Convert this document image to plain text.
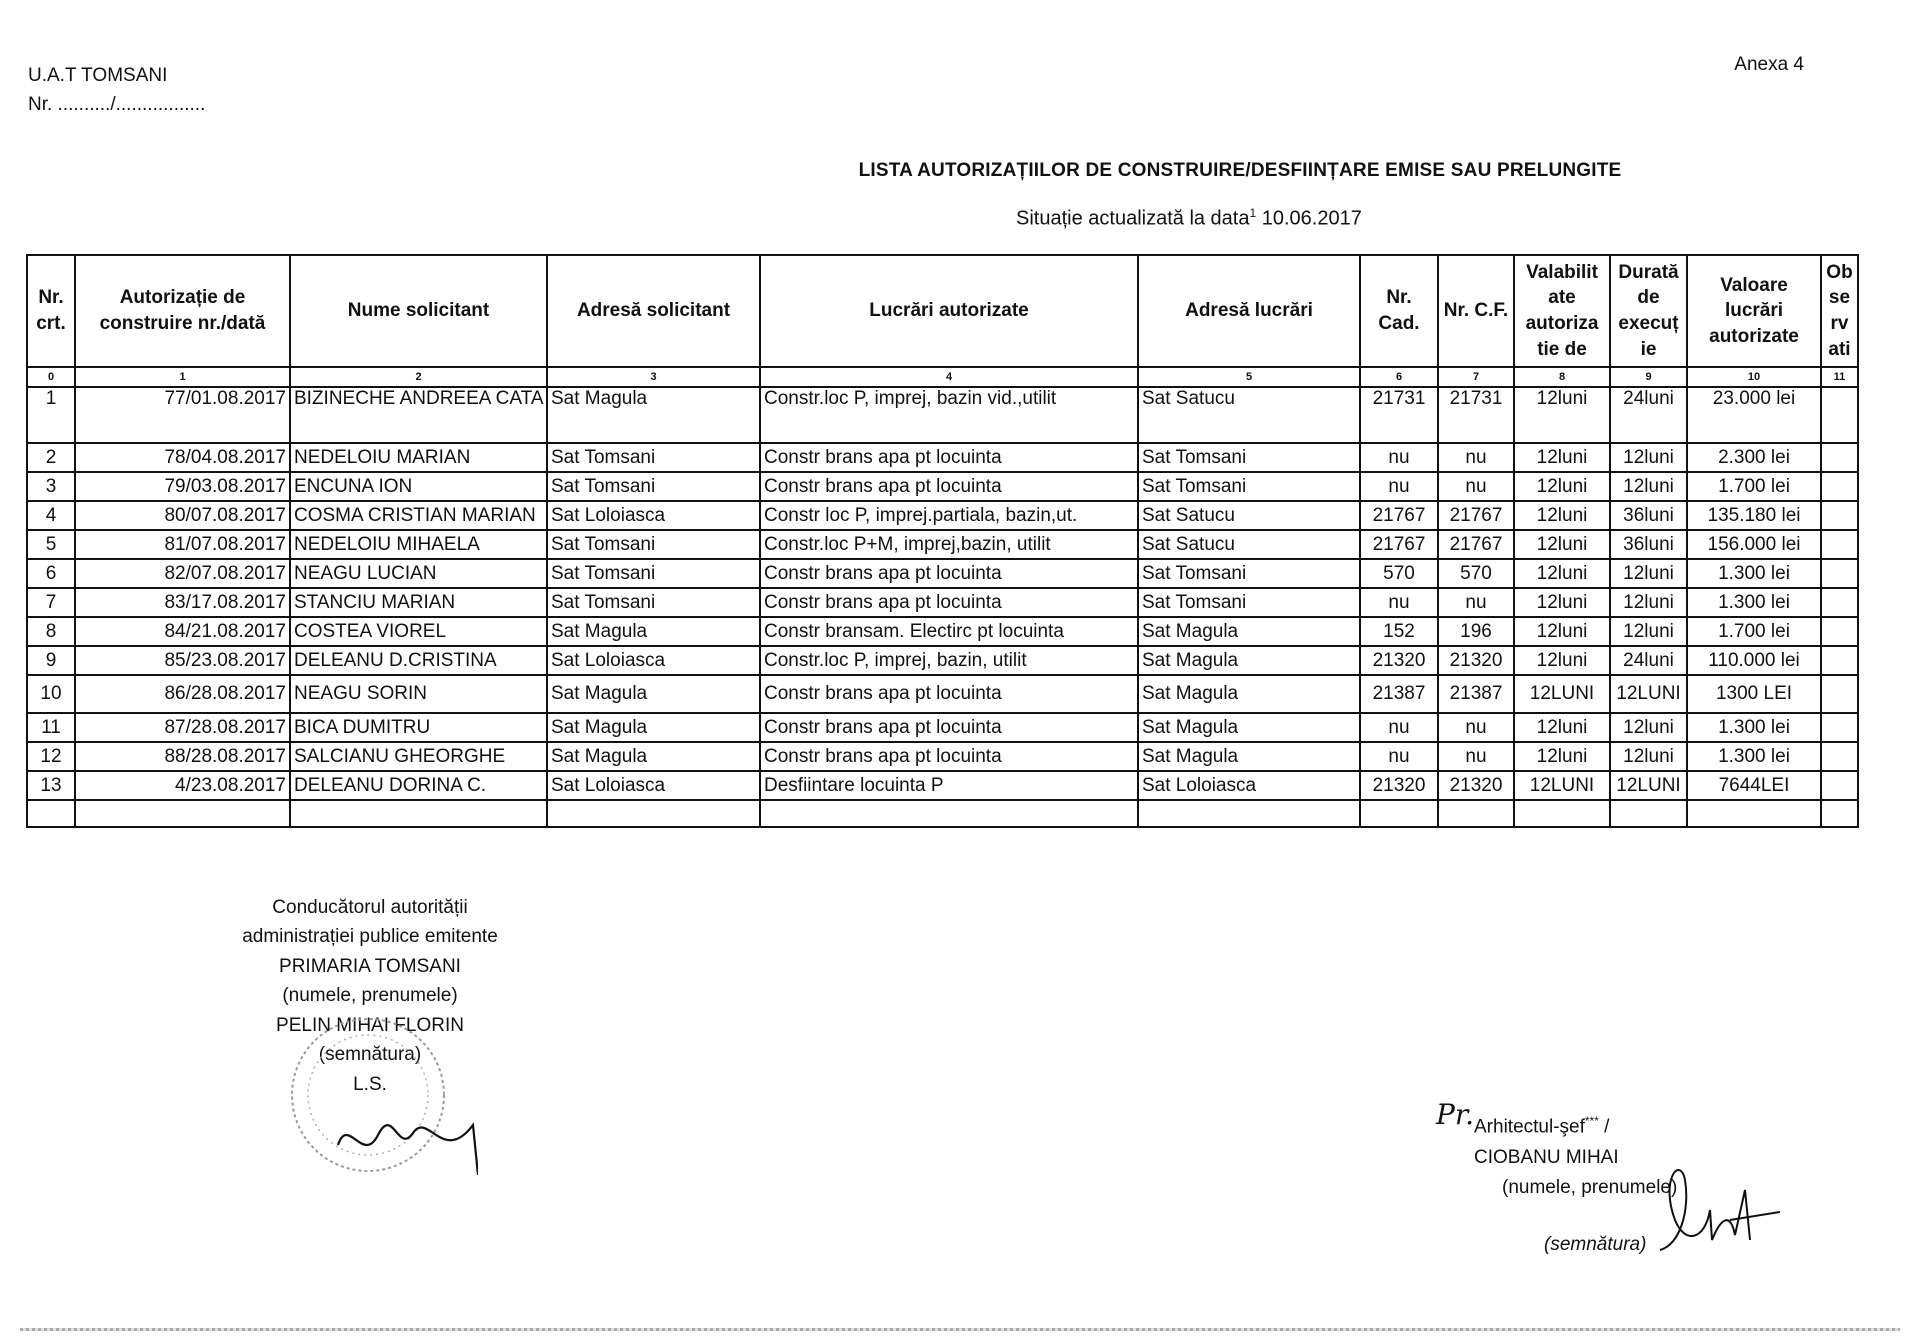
U.A.T TOMSANI
Nr. ........../.................
Anexa 4
LISTA AUTORIZAȚIILOR DE CONSTRUIRE/DESFIINȚARE EMISE SAU PRELUNGITE
Situație actualizată la data$^1$ 10.06.2017
Nr. crt.	Autorizație de construire nr./dată	Nume solicitant	Adresă solicitant	Lucrări autorizate	Adresă lucrări	Nr. Cad.	Nr. C.F.	Valabilit ate autoriza tie de	Durată de execuț ie	Valoare lucrări autorizate	Ob se rv ati
0	1	2	3	4	5	6	7	8	9	10	11
1	77/01.08.2017	BIZINECHE ANDREEA CATA	Sat Magula	Constr.loc P, imprej, bazin vid.,utilit	Sat Satucu	21731	21731	12luni	24luni	23.000 lei	
2	78/04.08.2017	NEDELOIU MARIAN	Sat Tomsani	Constr brans apa pt locuinta	Sat Tomsani	nu	nu	12luni	12luni	2.300 lei	
3	79/03.08.2017	ENCUNA ION	Sat Tomsani	Constr brans apa pt locuinta	Sat Tomsani	nu	nu	12luni	12luni	1.700 lei	
4	80/07.08.2017	COSMA CRISTIAN MARIAN	Sat Loloiasca	Constr loc P, imprej.partiala, bazin,ut.	Sat Satucu	21767	21767	12luni	36luni	135.180 lei	
5	81/07.08.2017	NEDELOIU MIHAELA	Sat Tomsani	Constr.loc P+M, imprej,bazin, utilit	Sat Satucu	21767	21767	12luni	36luni	156.000 lei	
6	82/07.08.2017	NEAGU LUCIAN	Sat Tomsani	Constr brans apa pt locuinta	Sat Tomsani	570	570	12luni	12luni	1.300 lei	
7	83/17.08.2017	STANCIU MARIAN	Sat Tomsani	Constr brans apa pt locuinta	Sat Tomsani	nu	nu	12luni	12luni	1.300 lei	
8	84/21.08.2017	COSTEA VIOREL	Sat Magula	Constr bransam. Electirc pt locuinta	Sat Magula	152	196	12luni	12luni	1.700 lei	
9	85/23.08.2017	DELEANU D.CRISTINA	Sat Loloiasca	Constr.loc P, imprej, bazin, utilit	Sat Magula	21320	21320	12luni	24luni	110.000 lei	
10	86/28.08.2017	NEAGU SORIN	Sat Magula	Constr brans apa pt locuinta	Sat Magula	21387	21387	12LUNI	12LUNI	1300 LEI	
11	87/28.08.2017	BICA DUMITRU	Sat Magula	Constr brans apa pt locuinta	Sat Magula	nu	nu	12luni	12luni	1.300 lei	
12	88/28.08.2017	SALCIANU GHEORGHE	Sat Magula	Constr brans apa pt locuinta	Sat Magula	nu	nu	12luni	12luni	1.300 lei	
13	4/23.08.2017	DELEANU DORINA C.	Sat Loloiasca	Desfiintare locuinta P	Sat Loloiasca	21320	21320	12LUNI	12LUNI	7644LEI	

Conducătorul autorității
administrației publice emitente
PRIMARIA TOMSANI
(numele, prenumele)
PELIN MIHAI FLORIN
(semnătura)
L.S.
Pr. Arhitectul-şef*** /
CIOBANU MIHAI
(numele, prenumele)
(semnătura)
